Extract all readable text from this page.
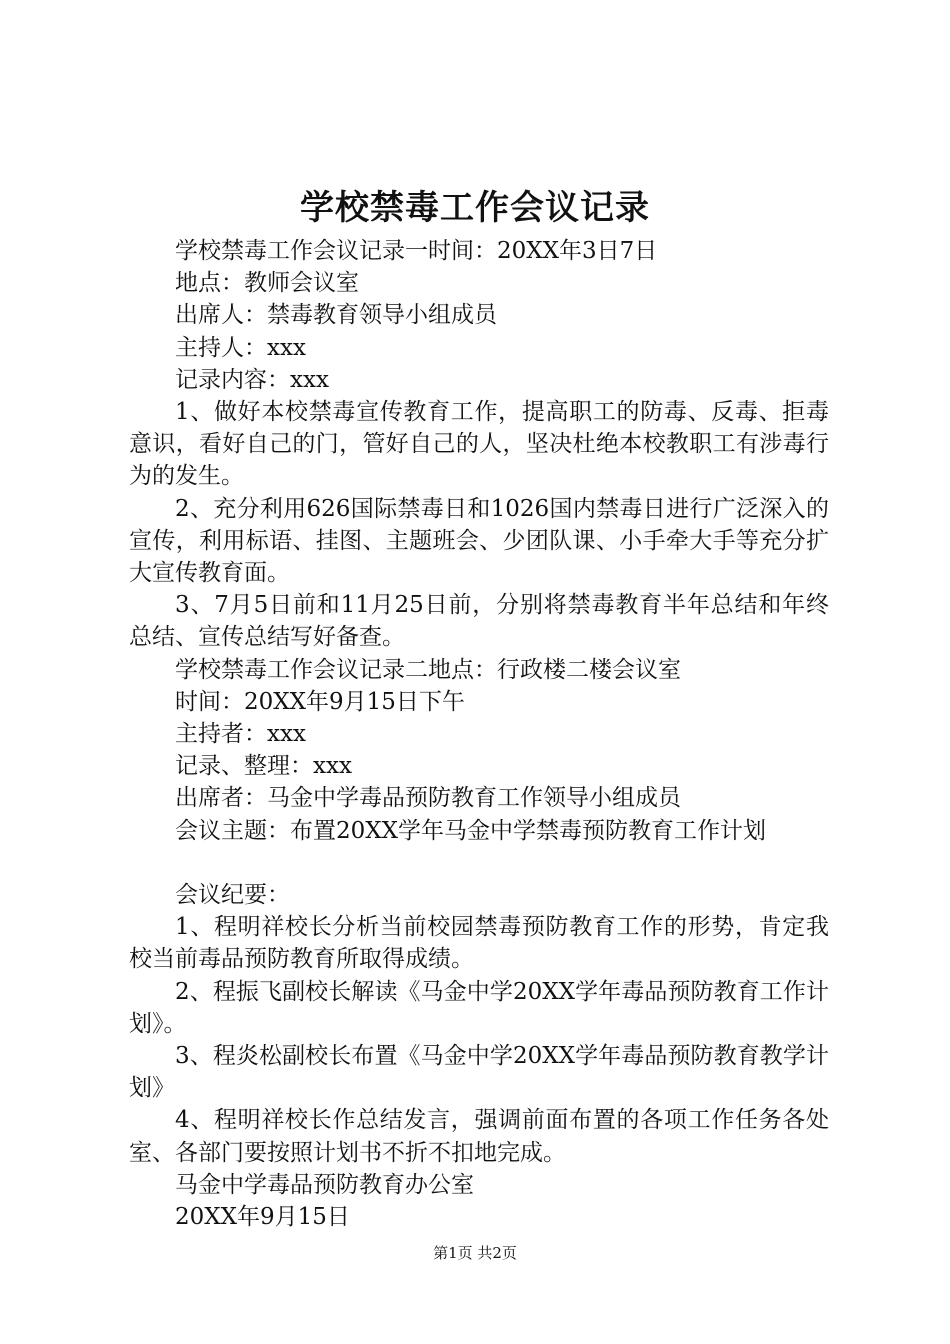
学校禁毒工作会议记录

学校禁毒工作会议记录一时间：20XX年3日7日

地点：教师会议室

出席人：禁毒教育领导小组成员

主持人：xxx

记录内容：xxx

1、做好本校禁毒宣传教育工作，提高职工的防毒、反毒、拒毒意识，看好自己的门，管好自己的人，坚决杜绝本校教职工有涉毒行为的发生。

2、充分利用626国际禁毒日和1026国内禁毒日进行广泛深入的宣传，利用标语、挂图、主题班会、少团队课、小手牵大手等充分扩大宣传教育面。

3、7月5日前和11月25日前，分别将禁毒教育半年总结和年终总结、宣传总结写好备查。

学校禁毒工作会议记录二地点：行政楼二楼会议室

时间：20XX年9月15日下午

主持者：xxx

记录、整理：xxx

出席者：马金中学毒品预防教育工作领导小组成员

会议主题：布置20XX学年马金中学禁毒预防教育工作计划

会议纪要：

1、程明祥校长分析当前校园禁毒预防教育工作的形势，肯定我校当前毒品预防教育所取得成绩。

2、程振飞副校长解读《马金中学20XX学年毒品预防教育工作计划》。

3、程炎松副校长布置《马金中学20XX学年毒品预防教育教学计划》

4、程明祥校长作总结发言，强调前面布置的各项工作任务各处室、各部门要按照计划书不折不扣地完成。

马金中学毒品预防教育办公室

20XX年9月15日

第1页 共2页
